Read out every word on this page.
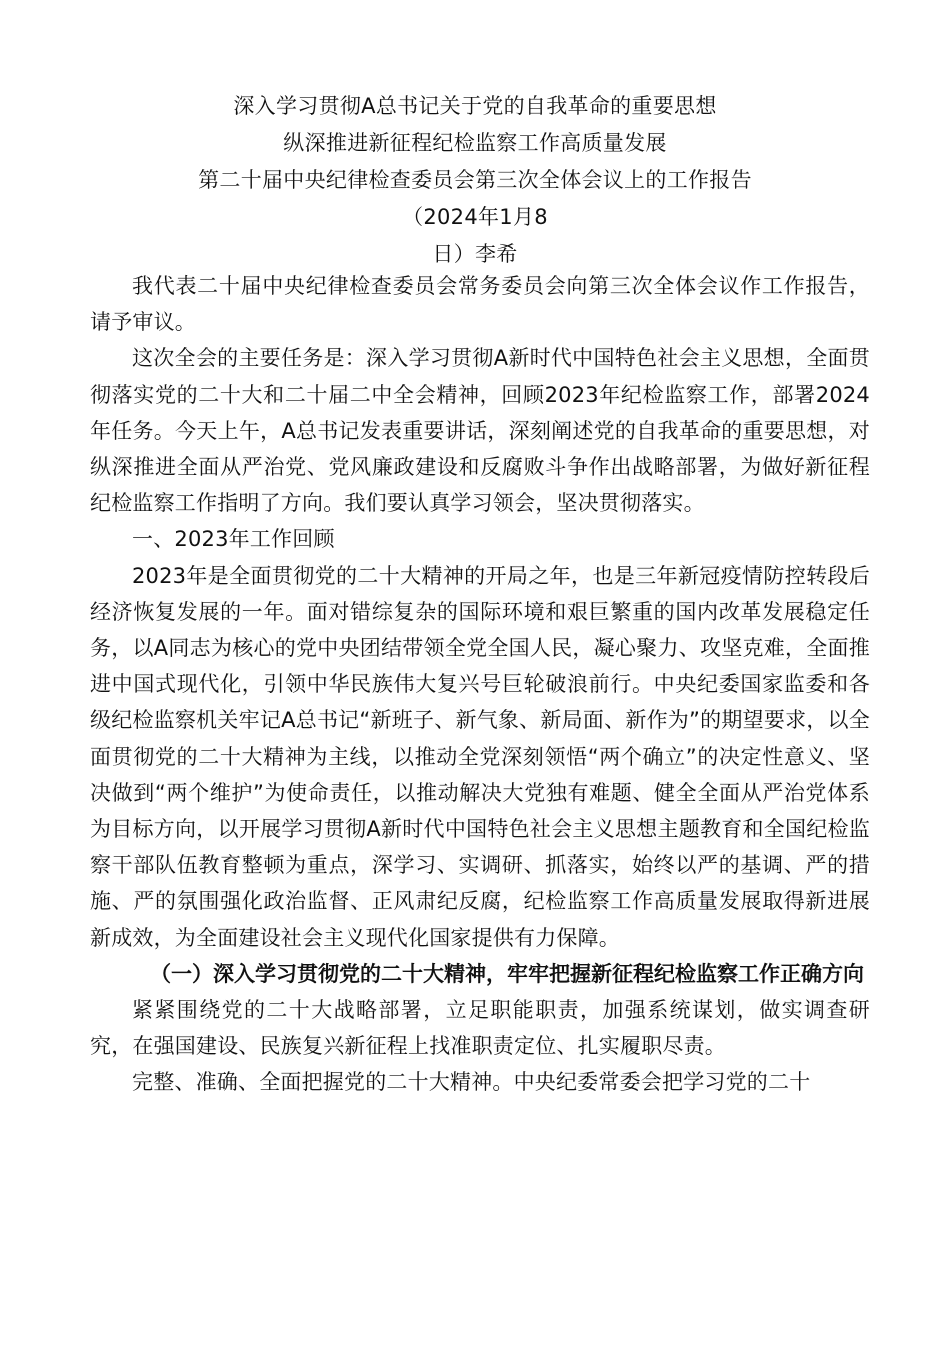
深入学习贯彻A总书记关于党的自我革命的重要思想
纵深推进新征程纪检监察工作高质量发展
第二十届中央纪律检查委员会第三次全体会议上的工作报告
（2024年1月8
日）李希

我代表二十届中央纪律检查委员会常务委员会向第三次全体会议作工作报告，请予审议。

这次全会的主要任务是：深入学习贯彻A新时代中国特色社会主义思想，全面贯彻落实党的二十大和二十届二中全会精神，回顾2023年纪检监察工作，部署2024年任务。今天上午，A总书记发表重要讲话，深刻阐述党的自我革命的重要思想，对纵深推进全面从严治党、党风廉政建设和反腐败斗争作出战略部署，为做好新征程纪检监察工作指明了方向。我们要认真学习领会，坚决贯彻落实。

一、2023年工作回顾

2023年是全面贯彻党的二十大精神的开局之年，也是三年新冠疫情防控转段后经济恢复发展的一年。面对错综复杂的国际环境和艰巨繁重的国内改革发展稳定任务，以A同志为核心的党中央团结带领全党全国人民，凝心聚力、攻坚克难，全面推进中国式现代化，引领中华民族伟大复兴号巨轮破浪前行。中央纪委国家监委和各级纪检监察机关牢记A总书记“新班子、新气象、新局面、新作为”的期望要求，以全面贯彻党的二十大精神为主线，以推动全党深刻领悟“两个确立”的决定性意义、坚决做到“两个维护”为使命责任，以推动解决大党独有难题、健全全面从严治党体系为目标方向，以开展学习贯彻A新时代中国特色社会主义思想主题教育和全国纪检监察干部队伍教育整顿为重点，深学习、实调研、抓落实，始终以严的基调、严的措施、严的氛围强化政治监督、正风肃纪反腐，纪检监察工作高质量发展取得新进展新成效，为全面建设社会主义现代化国家提供有力保障。

（一）深入学习贯彻党的二十大精神，牢牢把握新征程纪检监察工作正确方向

紧紧围绕党的二十大战略部署，立足职能职责，加强系统谋划，做实调查研究，在强国建设、民族复兴新征程上找准职责定位、扎实履职尽责。

完整、准确、全面把握党的二十大精神。中央纪委常委会把学习党的二十
